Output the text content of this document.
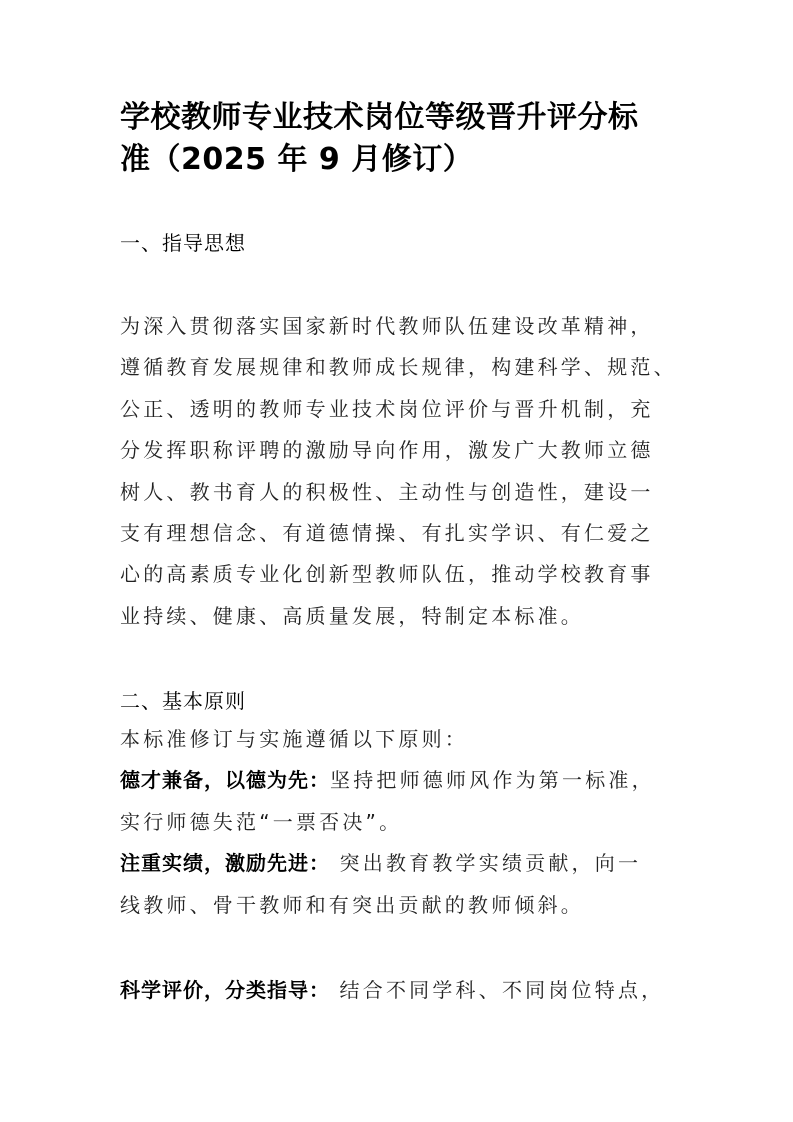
学校教师专业技术岗位等级晋升评分标
准（2025 年 9 月修订）
一、指导思想
为深入贯彻落实国家新时代教师队伍建设改革精神，
遵循教育发展规律和教师成长规律，构建科学、规范、
公正、透明的教师专业技术岗位评价与晋升机制，充
分发挥职称评聘的激励导向作用，激发广大教师立德
树人、教书育人的积极性、主动性与创造性，建设一
支有理想信念、有道德情操、有扎实学识、有仁爱之
心的高素质专业化创新型教师队伍，推动学校教育事
业持续、健康、高质量发展，特制定本标准。
二、基本原则
本标准修订与实施遵循以下原则：
德才兼备，以德为先：坚持把师德师风作为第一标准，
实行师德失范“一票否决”。
注重实绩，激励先进： 突出教育教学实绩贡献，向一
线教师、骨干教师和有突出贡献的教师倾斜。
科学评价，分类指导： 结合不同学科、不同岗位特点，
